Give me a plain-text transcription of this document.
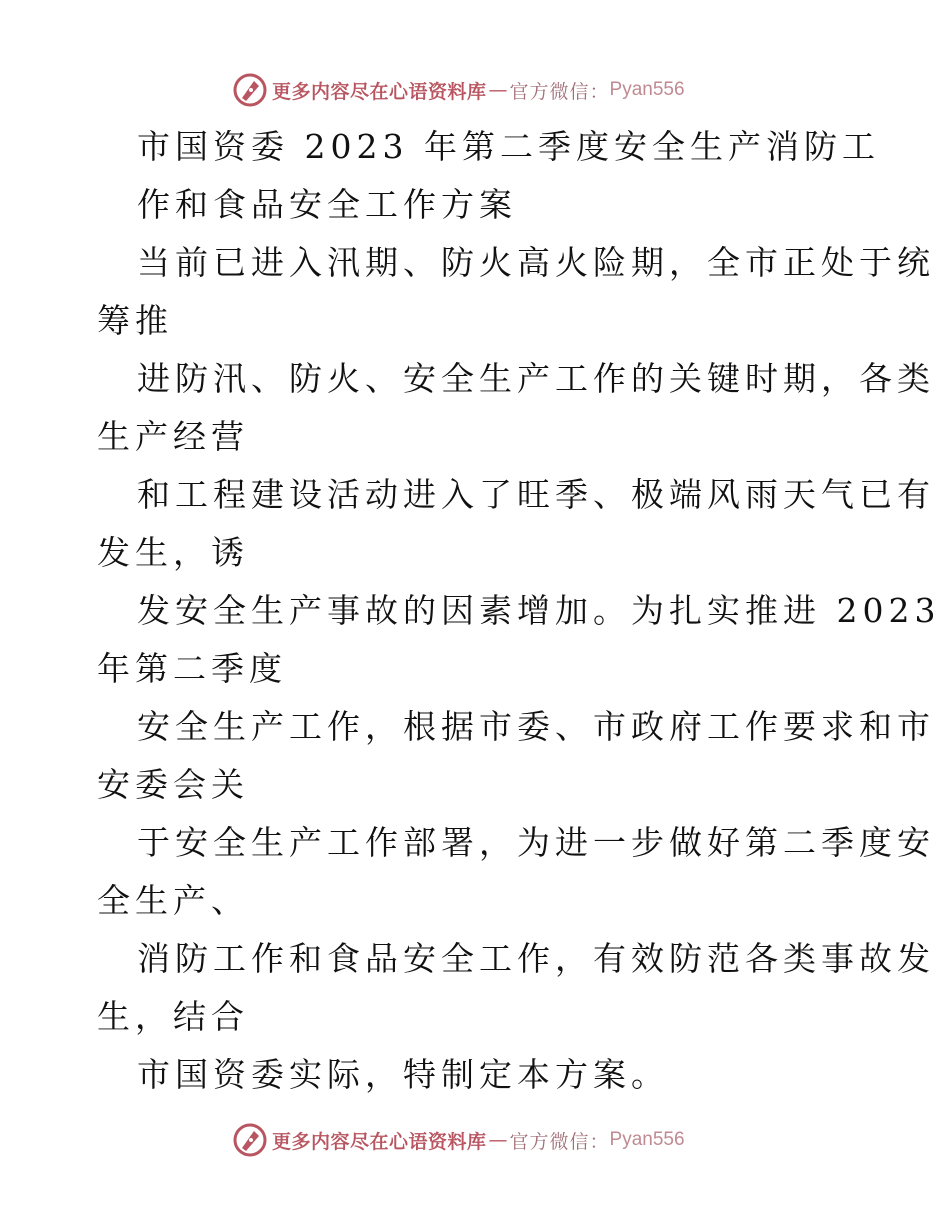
更多内容尽在心语资料库 — 官方微信： Pyan556
市国资委 2023 年第二季度安全生产消防工
作和食品安全工作方案
当前已进入汛期、防火高火险期，全市正处于统
筹推
进防汛、防火、安全生产工作的关键时期，各类
生产经营
和工程建设活动进入了旺季、极端风雨天气已有
发生，诱
发安全生产事故的因素增加。为扎实推进 2023
年第二季度
安全生产工作，根据市委、市政府工作要求和市
安委会关
于安全生产工作部署，为进一步做好第二季度安
全生产、
消防工作和食品安全工作，有效防范各类事故发
生，结合
市国资委实际，特制定本方案。
更多内容尽在心语资料库 — 官方微信： Pyan556
